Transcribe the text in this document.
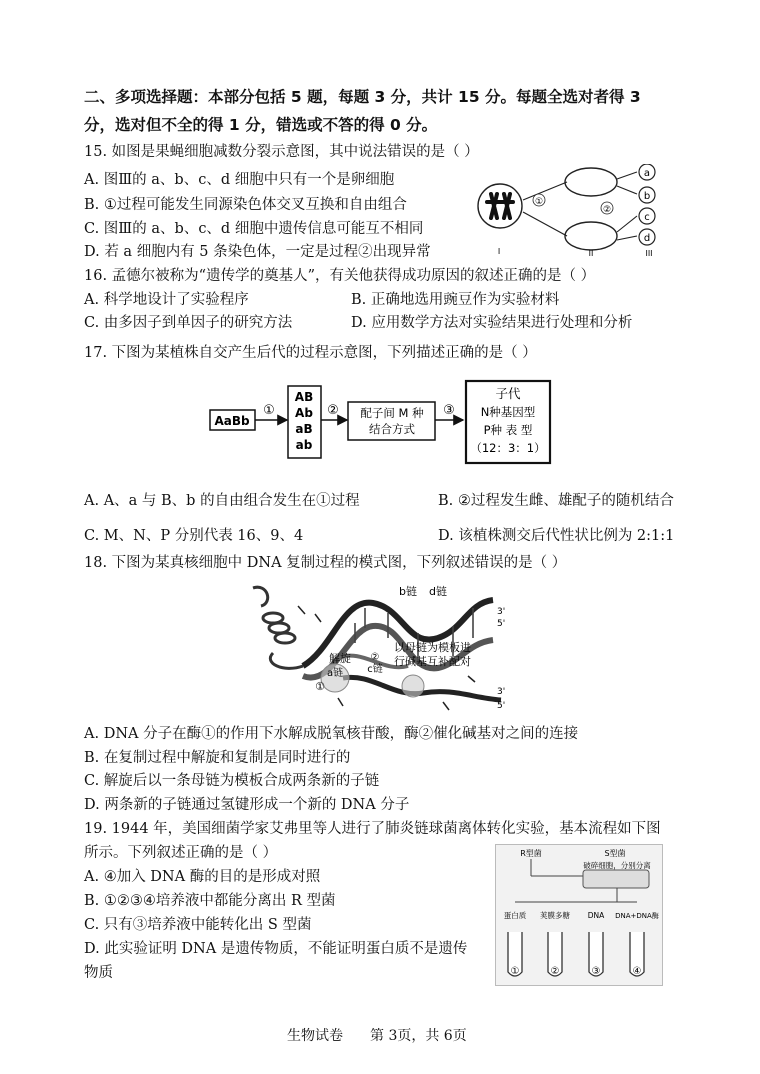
二、多项选择题：本部分包括 5 题，每题 3 分，共计 15 分。每题全选对者得 3
分，选对但不全的得 1 分，错选或不答的得 0 分。
15. 如图是果蝇细胞减数分裂示意图，其中说法错误的是（ ）
A. 图Ⅲ的 a、b、c、d 细胞中只有一个是卵细胞
B. ①过程可能发生同源染色体交叉互换和自由组合
C. 图Ⅲ的 a、b、c、d 细胞中遗传信息可能互不相同
D. 若 a 细胞内有 5 条染色体，一定是过程②出现异常
①
②
a
b
c
d
I	II	III
16. 孟德尔被称为“遗传学的奠基人”，有关他获得成功原因的叙述正确的是（ ）
A. 科学地设计了实验程序	B. 正确地选用豌豆作为实验材料
C. 由多因子到单因子的研究方法	D. 应用数学方法对实验结果进行处理和分析
17. 下图为某植株自交产生后代的过程示意图，下列描述正确的是（ ）
AaBb
①
AB
Ab
aB
ab
② 配子间 M 种
结合方式
③
子代
N种基因型
P种 表 型
（12：3：1）
A. A、a 与 B、b 的自由组合发生在①过程	B. ②过程发生雌、雄配子的随机结合
C. M、N、P 分别代表 16、9、4	D. 该植株测交后代性状比例为 2:1:1
18. 下图为某真核细胞中 DNA 复制过程的模式图，下列叙述错误的是（ ）
b链 d链
解旋 ②
c链
a链
①
以母链为模板进
行碱基互补配对
3'
5'
3'
5'
A. DNA 分子在酶①的作用下水解成脱氧核苷酸，酶②催化碱基对之间的连接
B. 在复制过程中解旋和复制是同时进行的
C. 解旋后以一条母链为模板合成两条新的子链
D. 两条新的子链通过氢键形成一个新的 DNA 分子
19. 1944 年，美国细菌学家艾弗里等人进行了肺炎链球菌离体转化实验，基本流程如下图
所示。下列叙述正确的是（ ）
A. ④加入 DNA 酶的目的是形成对照
B. ①②③④培养液中都能分离出 R 型菌
C. 只有③培养液中能转化出 S 型菌
D. 此实验证明 DNA 是遗传物质，不能证明蛋白质不是遗传
物质
R型菌	S型菌
破碎细胞，分别分离
蛋白质 荚膜多糖 DNA DNA+DNA酶
①	②	③	④
生物试卷 第 3页，共 6页
